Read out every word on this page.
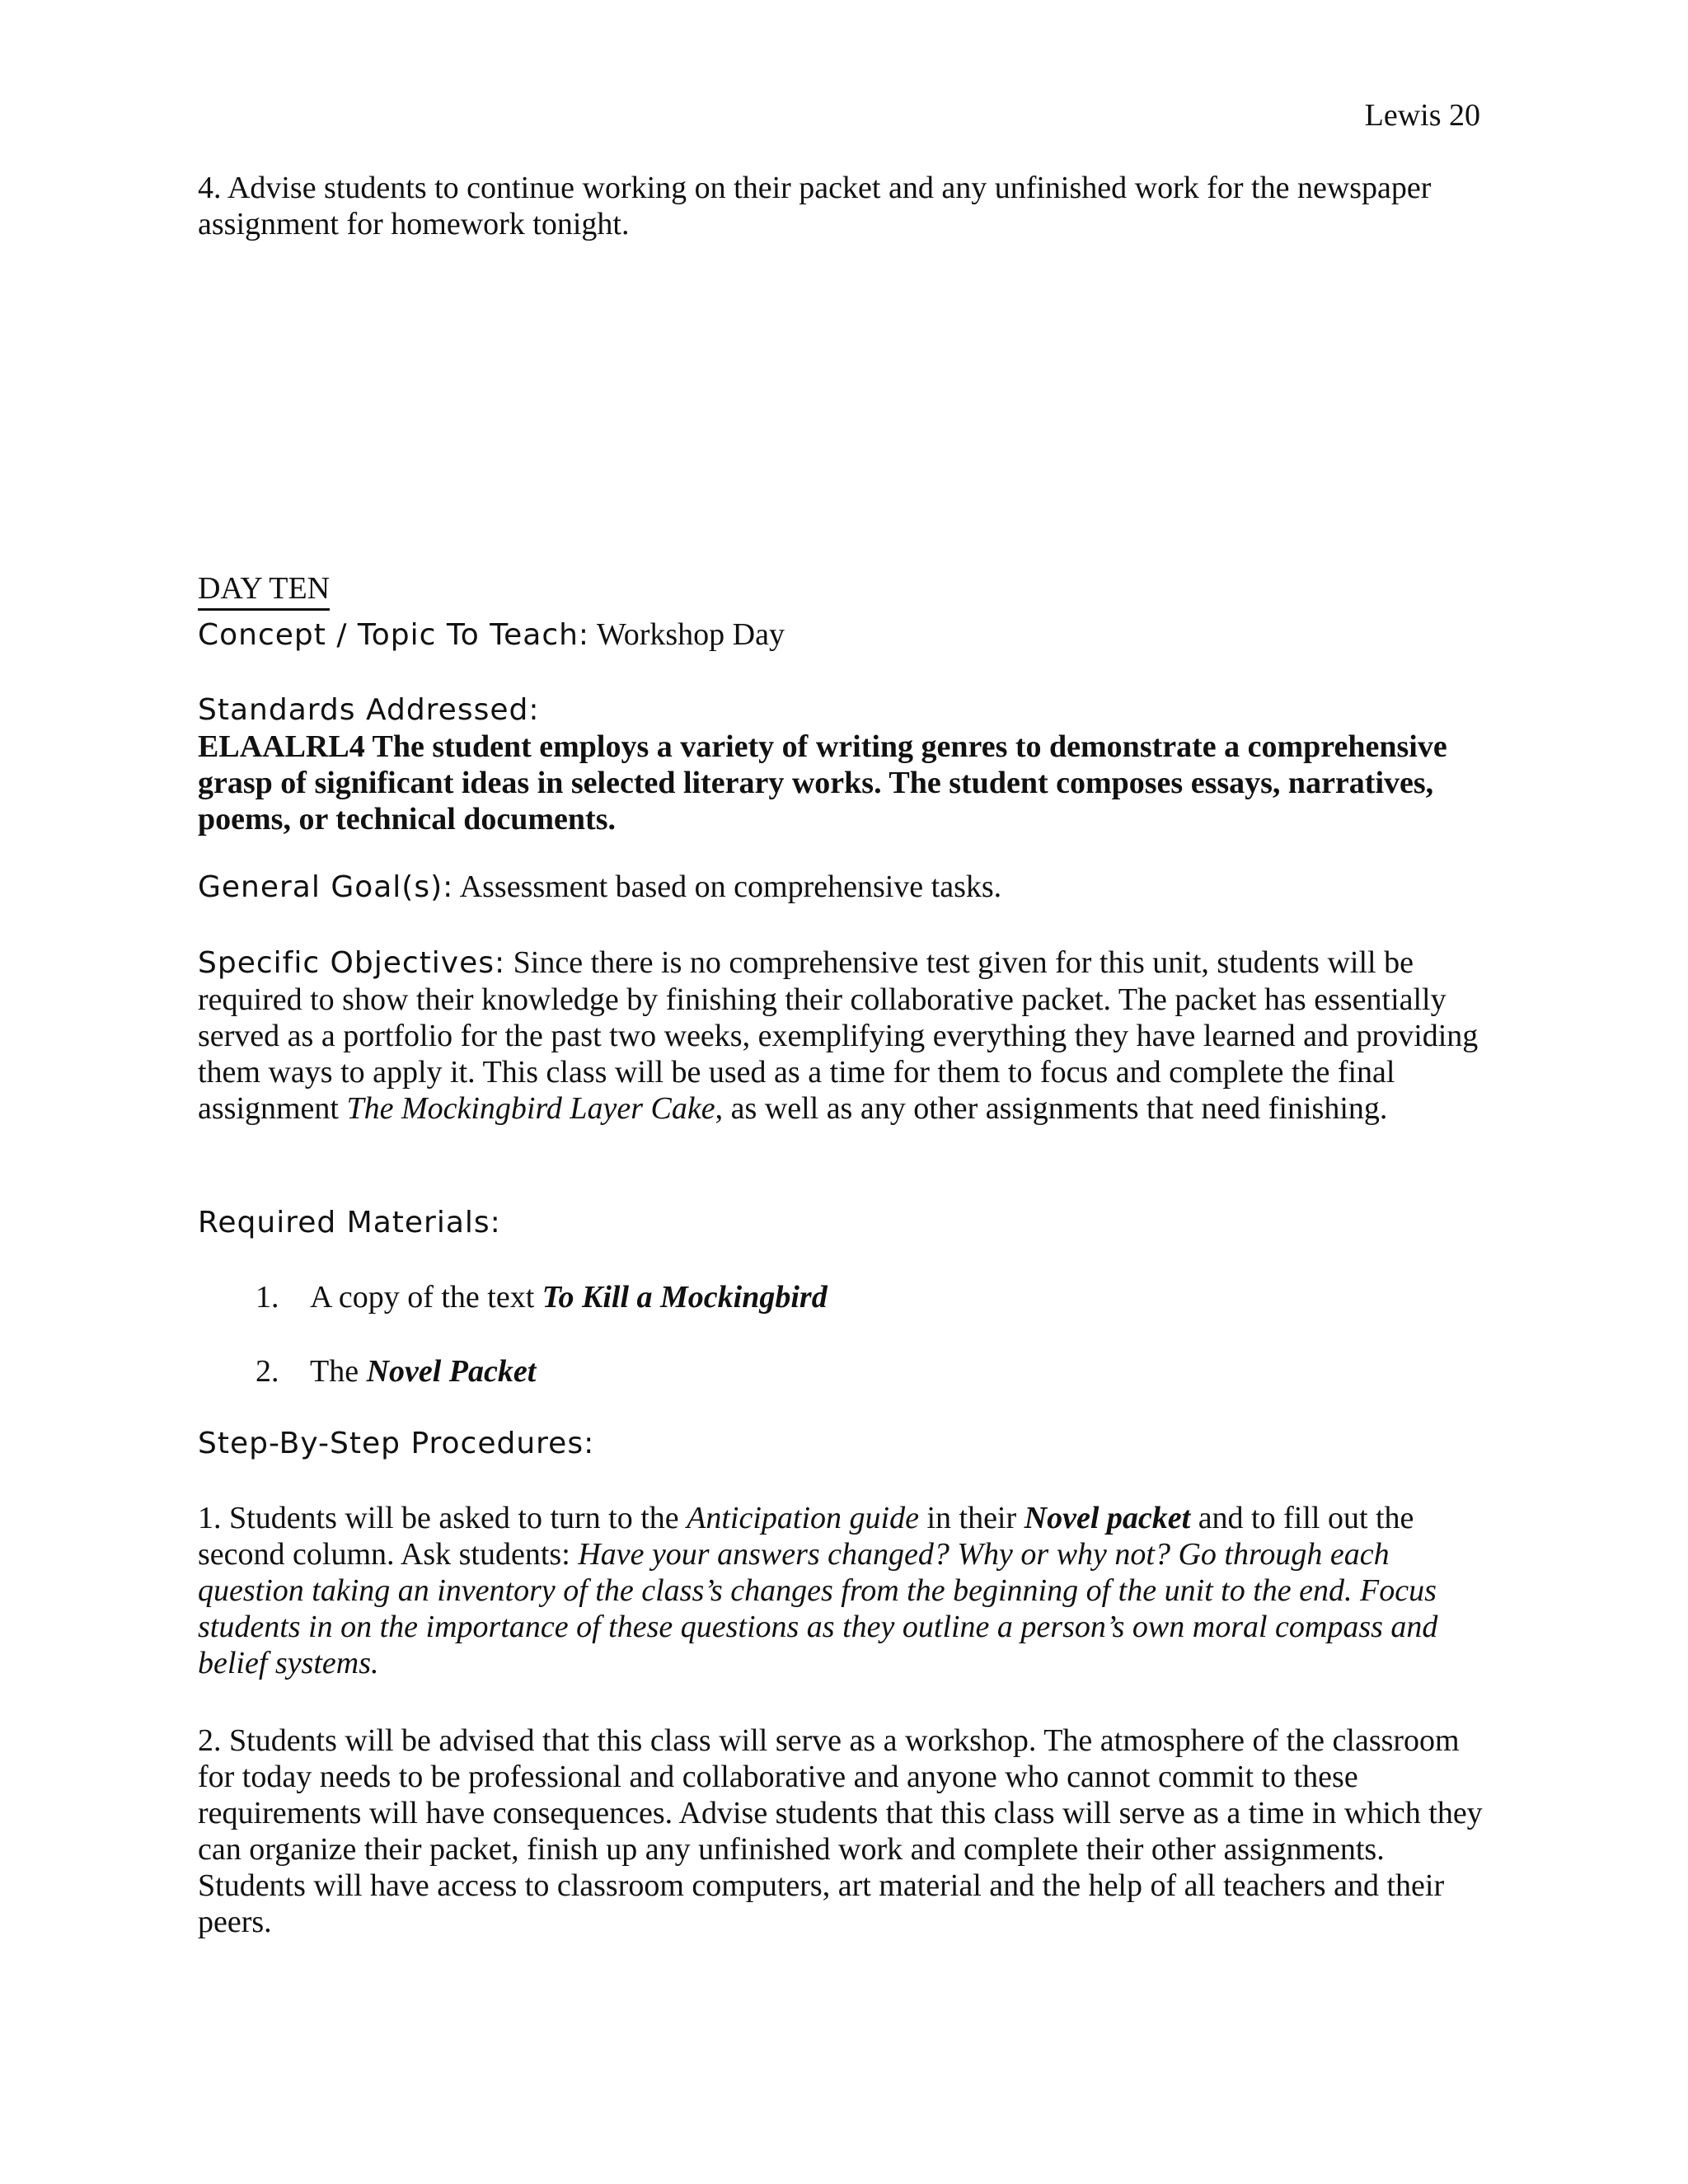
Lewis 20
4. Advise students to continue working on their packet and any unfinished work for the newspaper assignment for homework tonight.
DAY TEN
Concept / Topic To Teach: Workshop Day
Standards Addressed:
ELAALRL4 The student employs a variety of writing genres to demonstrate a comprehensive grasp of significant ideas in selected literary works. The student composes essays, narratives, poems, or technical documents.
General Goal(s): Assessment based on comprehensive tasks.
Specific Objectives: Since there is no comprehensive test given for this unit, students will be required to show their knowledge by finishing their collaborative packet. The packet has essentially served as a portfolio for the past two weeks, exemplifying everything they have learned and providing them ways to apply it. This class will be used as a time for them to focus and complete the final assignment The Mockingbird Layer Cake, as well as any other assignments that need finishing.
Required Materials:
1. A copy of the text To Kill a Mockingbird
2. The Novel Packet
Step-By-Step Procedures:
1. Students will be asked to turn to the Anticipation guide in their Novel packet and to fill out the second column. Ask students: Have your answers changed? Why or why not? Go through each question taking an inventory of the class’s changes from the beginning of the unit to the end. Focus students in on the importance of these questions as they outline a person’s own moral compass and belief systems.
2. Students will be advised that this class will serve as a workshop. The atmosphere of the classroom for today needs to be professional and collaborative and anyone who cannot commit to these requirements will have consequences. Advise students that this class will serve as a time in which they can organize their packet, finish up any unfinished work and complete their other assignments. Students will have access to classroom computers, art material and the help of all teachers and their peers.
